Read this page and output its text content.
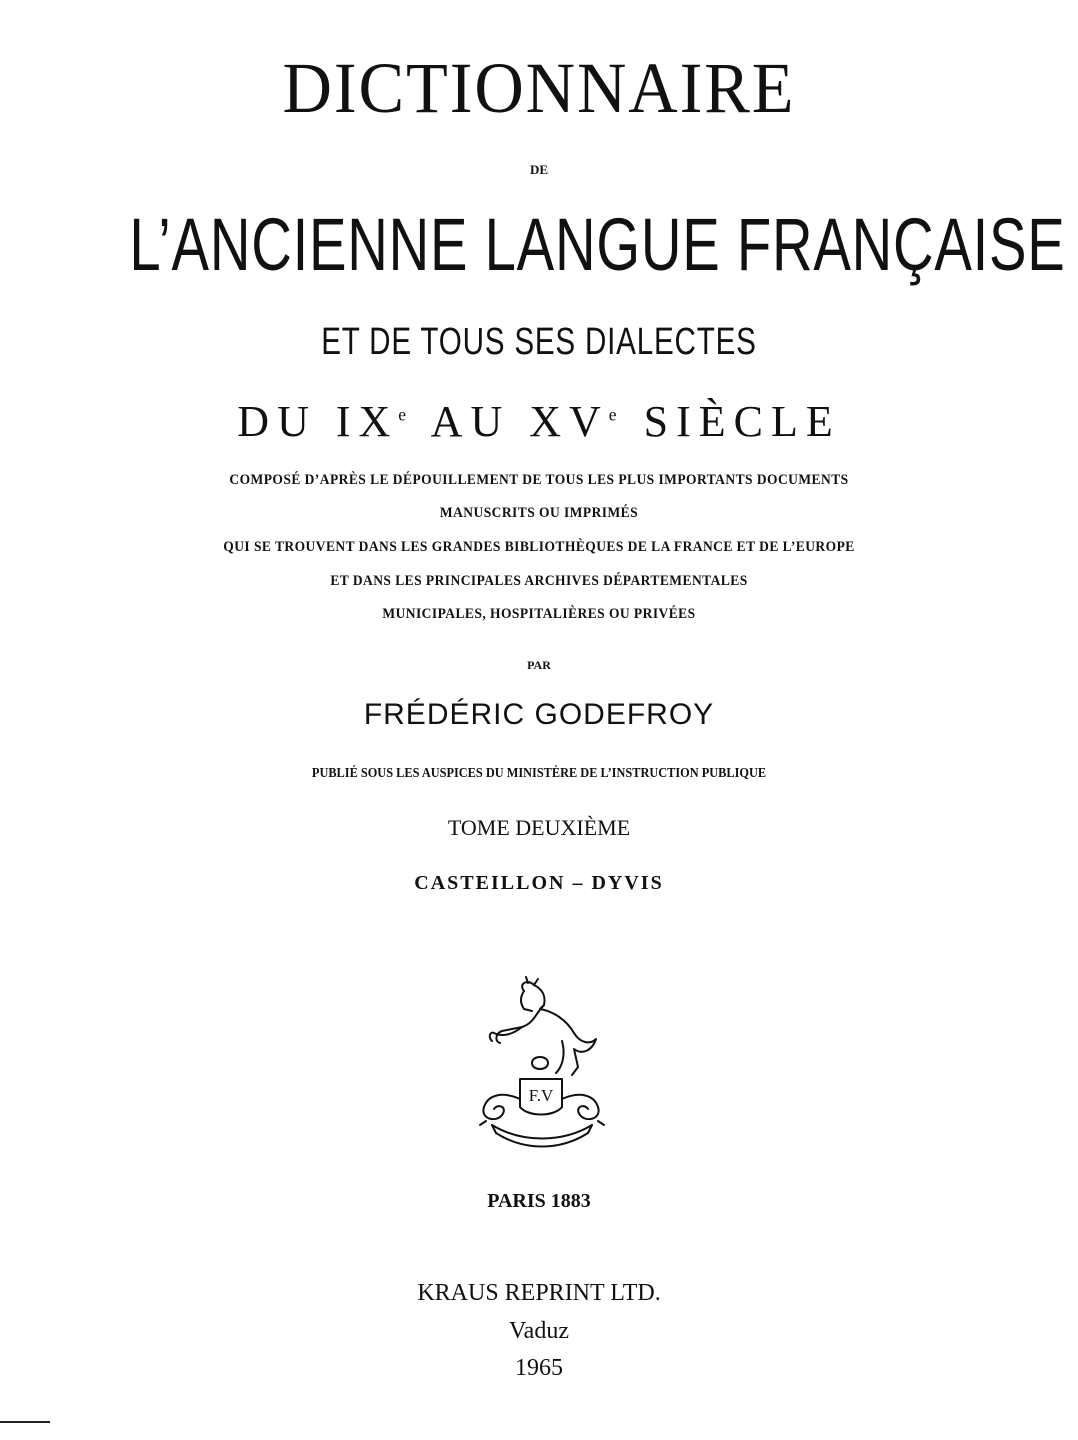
DICTIONNAIRE
DE
L’ANCIENNE LANGUE FRANÇAISE
ET DE TOUS SES DIALECTES
DU IXe AU XVe SIÈCLE
COMPOSÉ D’APRÈS LE DÉPOUILLEMENT DE TOUS LES PLUS IMPORTANTS DOCUMENTS
MANUSCRITS OU IMPRIMÉS
QUI SE TROUVENT DANS LES GRANDES BIBLIOTHÈQUES DE LA FRANCE ET DE L’EUROPE
ET DANS LES PRINCIPALES ARCHIVES DÉPARTEMENTALES
MUNICIPALES, HOSPITALIÈRES OU PRIVÉES
PAR
FRÉDÉRIC GODEFROY
PUBLIÉ SOUS LES AUSPICES DU MINISTÈRE DE L’INSTRUCTION PUBLIQUE
TOME DEUXIÈME
CASTEILLON – DYVIS
F.V
PARIS 1883
KRAUS REPRINT LTD.
Vaduz
1965
